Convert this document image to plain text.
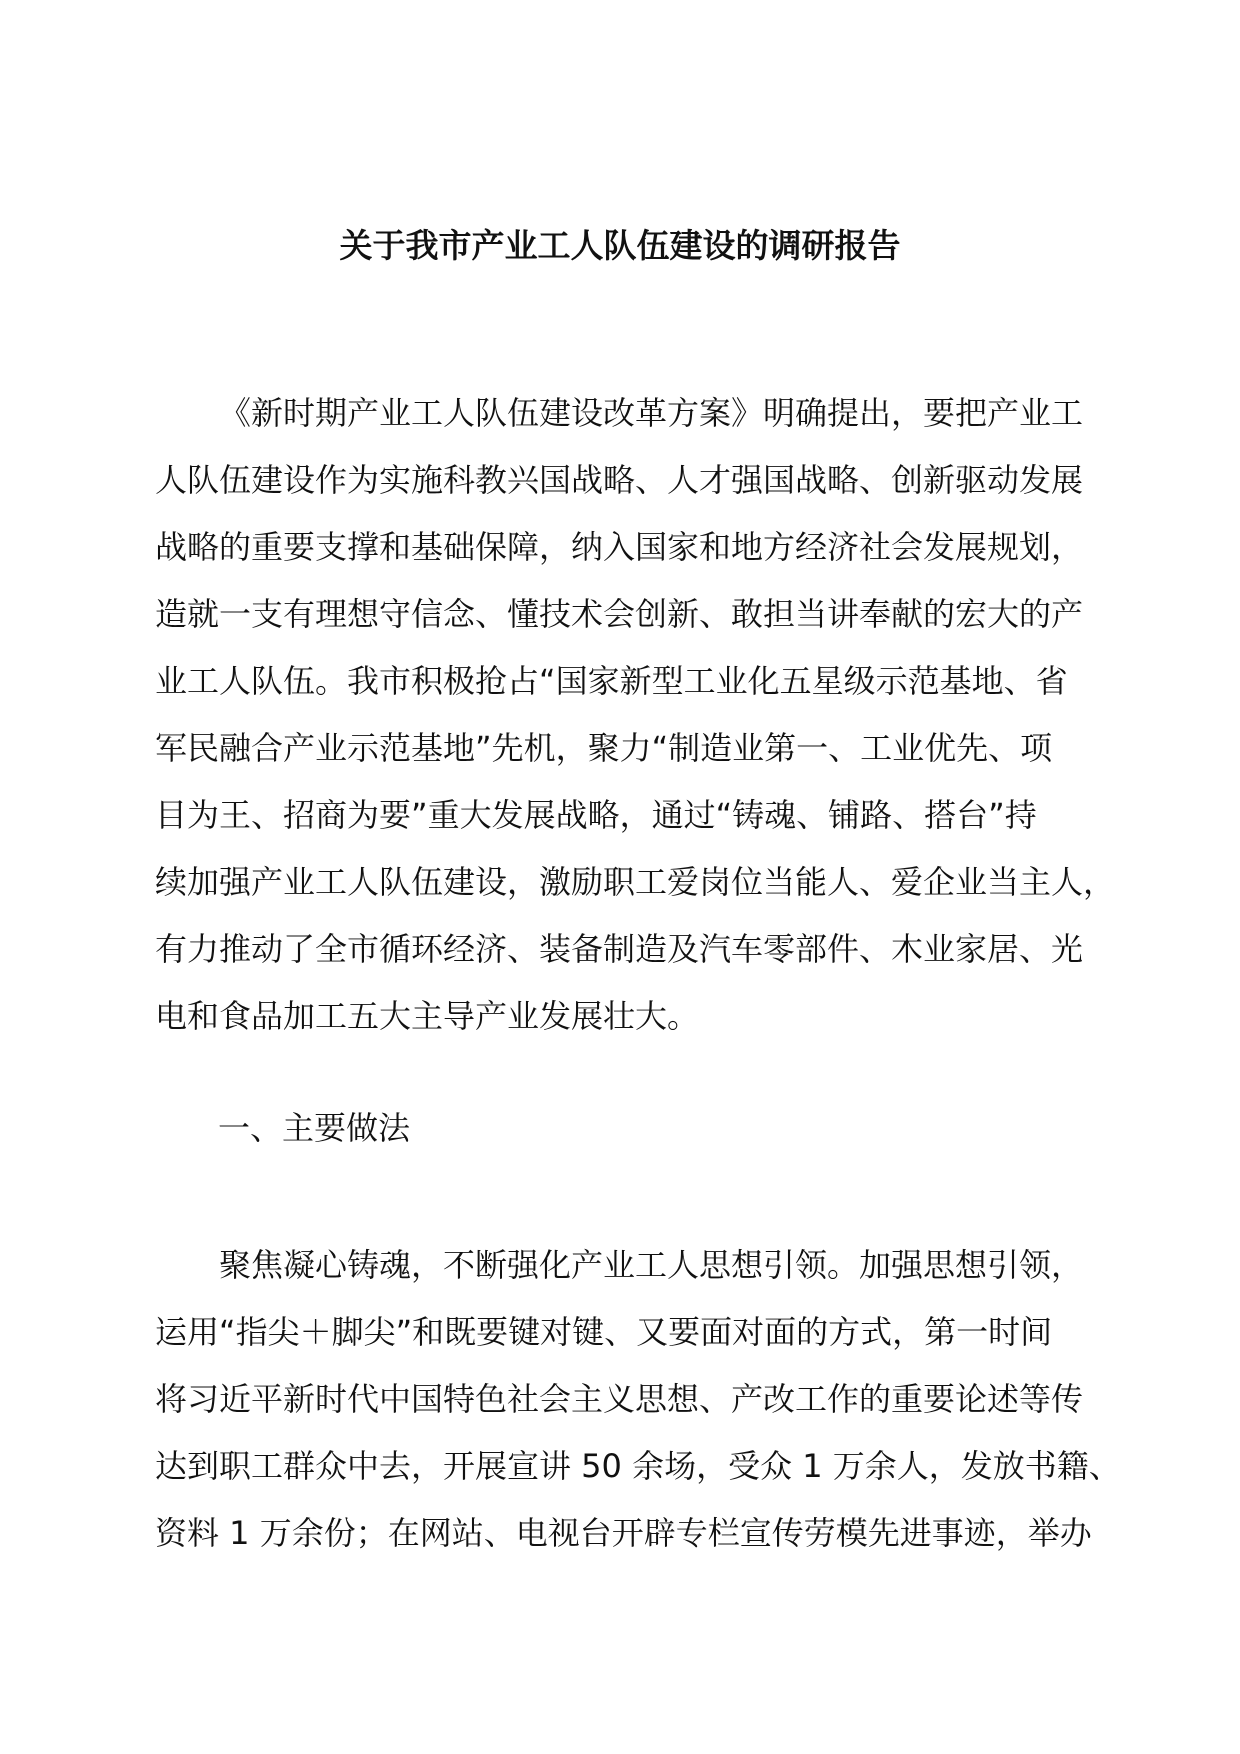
关于我市产业工人队伍建设的调研报告
《新时期产业工人队伍建设改革方案》明确提出，要把产业工
人队伍建设作为实施科教兴国战略、人才强国战略、创新驱动发展
战略的重要支撑和基础保障，纳入国家和地方经济社会发展规划，
造就一支有理想守信念、懂技术会创新、敢担当讲奉献的宏大的产
业工人队伍。我市积极抢占“国家新型工业化五星级示范基地、省
军民融合产业示范基地”先机，聚力“制造业第一、工业优先、项
目为王、招商为要”重大发展战略，通过“铸魂、铺路、搭台”持
续加强产业工人队伍建设，激励职工爱岗位当能人、爱企业当主人，
有力推动了全市循环经济、装备制造及汽车零部件、木业家居、光
电和食品加工五大主导产业发展壮大。
一、主要做法
聚焦凝心铸魂，不断强化产业工人思想引领。加强思想引领，
运用“指尖＋脚尖”和既要键对键、又要面对面的方式，第一时间
将习近平新时代中国特色社会主义思想、产改工作的重要论述等传
达到职工群众中去，开展宣讲 50 余场，受众 1 万余人，发放书籍、
资料 1 万余份；在网站、电视台开辟专栏宣传劳模先进事迹，举办
